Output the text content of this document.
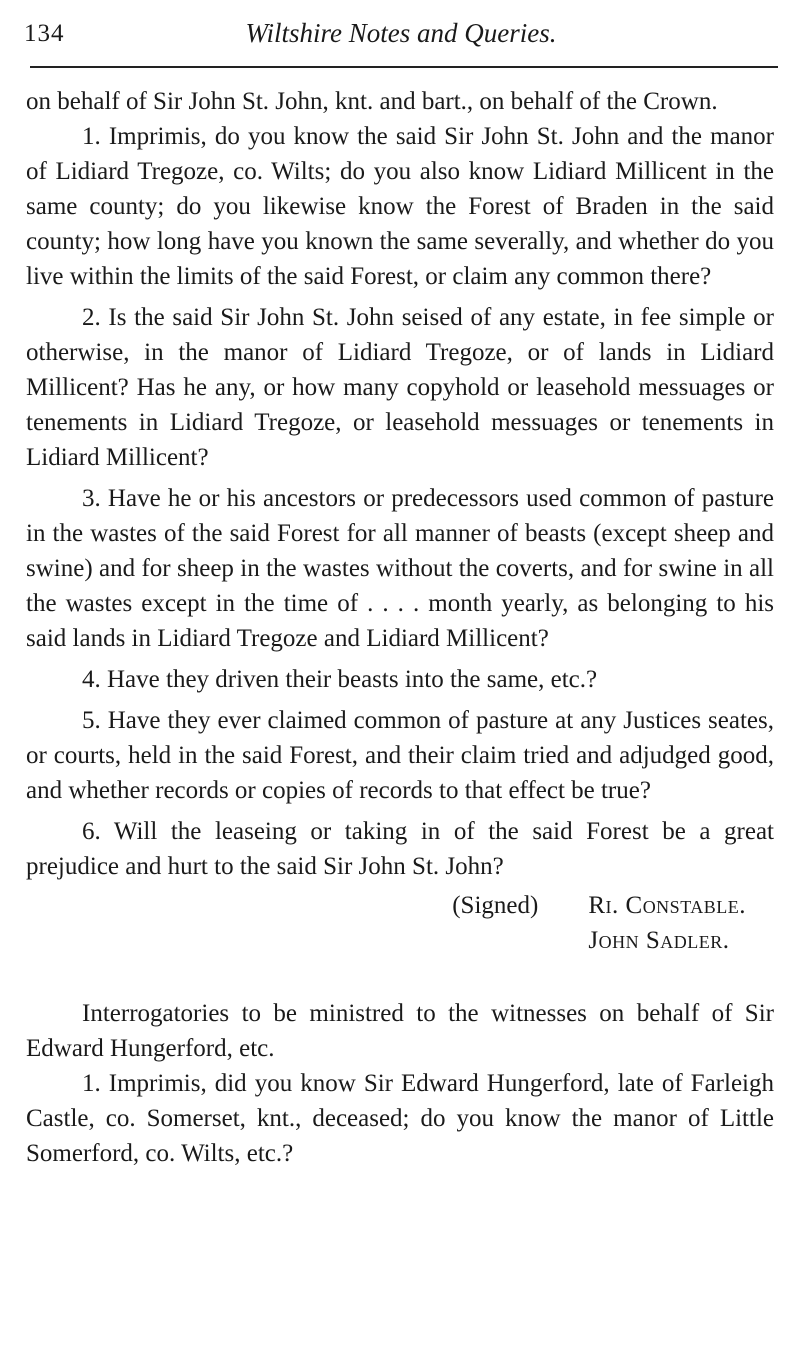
134	Wiltshire Notes and Queries.

on behalf of Sir John St. John, knt. and bart., on behalf of the Crown.

1. Imprimis, do you know the said Sir John St. John and the manor of Lidiard Tregoze, co. Wilts; do you also know Lidiard Millicent in the same county; do you likewise know the Forest of Braden in the said county; how long have you known the same severally, and whether do you live within the limits of the said Forest, or claim any common there?

2. Is the said Sir John St. John seised of any estate, in fee simple or otherwise, in the manor of Lidiard Tregoze, or of lands in Lidiard Millicent? Has he any, or how many copyhold or leasehold messuages or tenements in Lidiard Tregoze, or leasehold messuages or tenements in Lidiard Millicent?

3. Have he or his ancestors or predecessors used common of pasture in the wastes of the said Forest for all manner of beasts (except sheep and swine) and for sheep in the wastes without the coverts, and for swine in all the wastes except in the time of . . . . month yearly, as belonging to his said lands in Lidiard Tregoze and Lidiard Millicent?

4. Have they driven their beasts into the same, etc.?

5. Have they ever claimed common of pasture at any Justices seates, or courts, held in the said Forest, and their claim tried and adjudged good, and whether records or copies of records to that effect be true?

6. Will the leaseing or taking in of the said Forest be a great prejudice and hurt to the said Sir John St. John?

(Signed) Ri. Constable.
John Sadler.

Interrogatories to be ministred to the witnesses on behalf of Sir Edward Hungerford, etc.

1. Imprimis, did you know Sir Edward Hungerford, late of Farleigh Castle, co. Somerset, knt., deceased; do you know the manor of Little Somerford, co. Wilts, etc.?
